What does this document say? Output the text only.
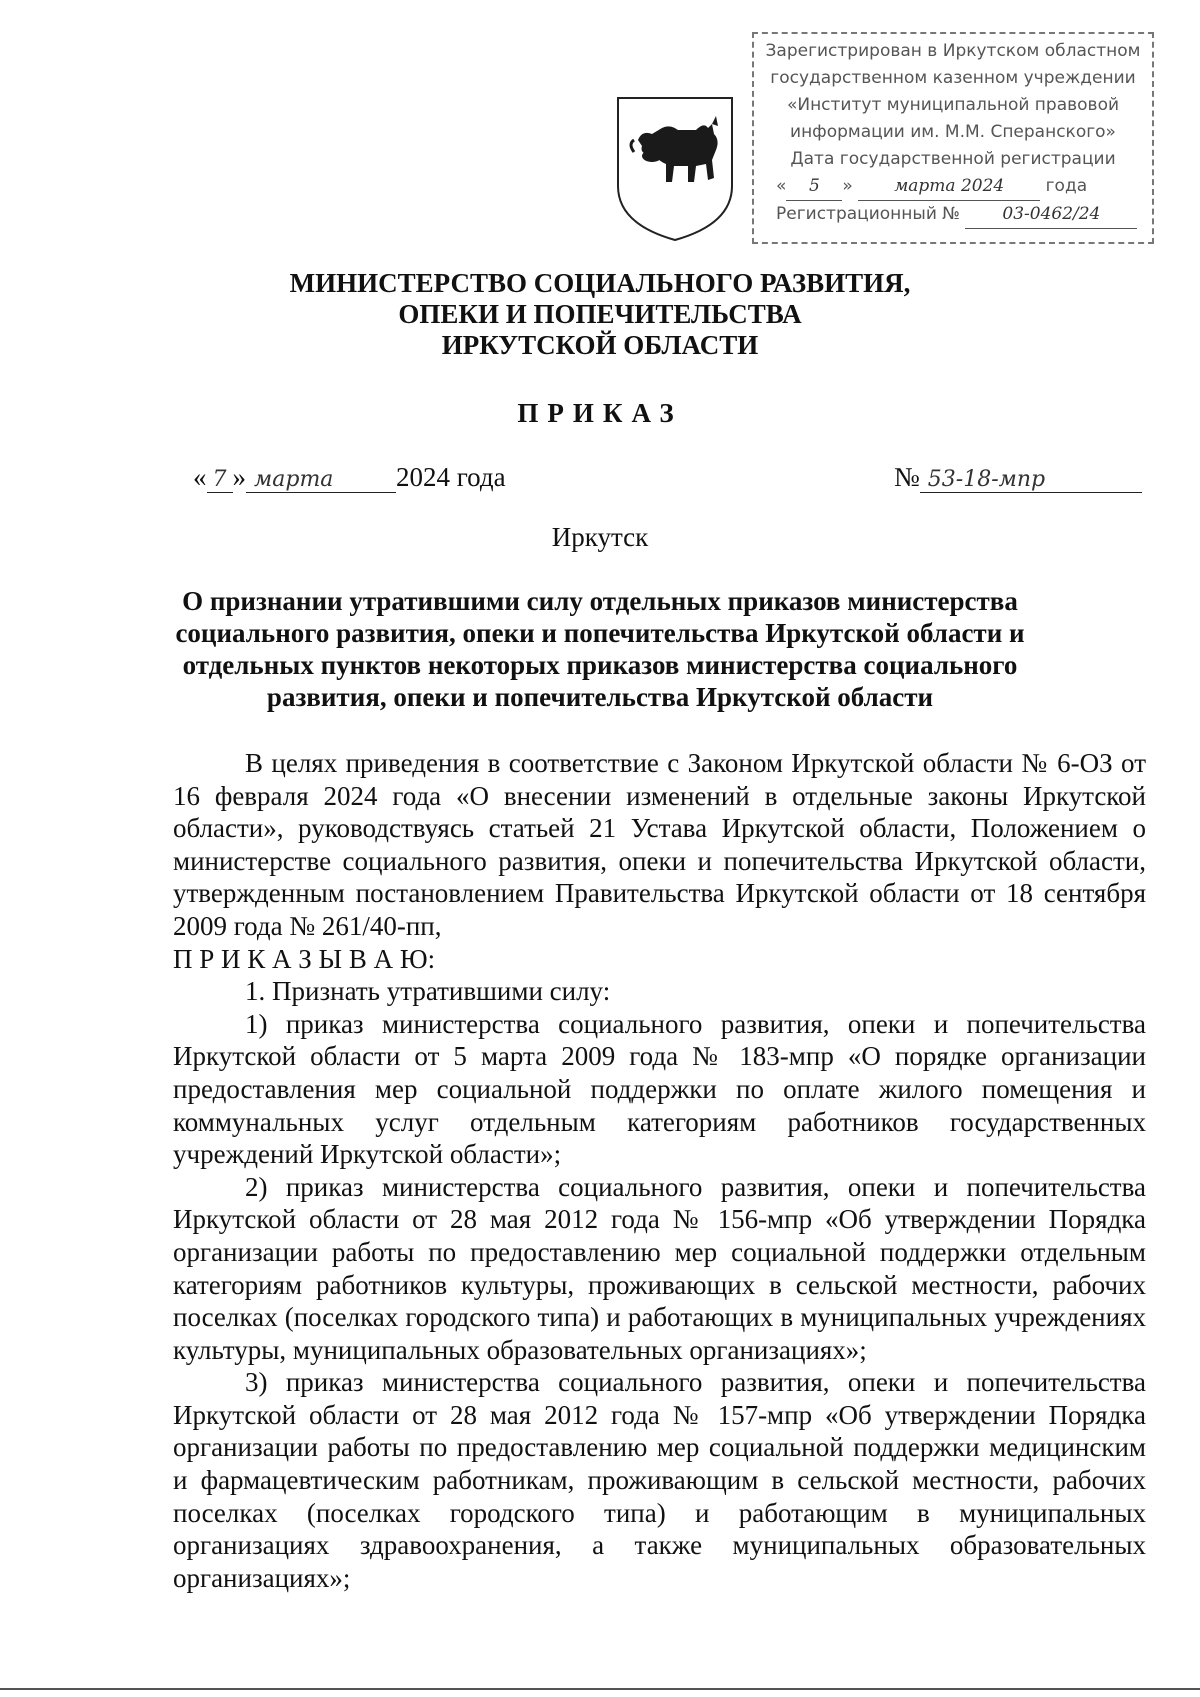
Зарегистрирован в Иркутском областном
государственном казенном учреждении
«Институт муниципальной правовой
информации им. М.М. Сперанского»
Дата государственной регистрации
« 5 » марта 2024 года
Регистрационный № 03-0462/24
МИНИСТЕРСТВО СОЦИАЛЬНОГО РАЗВИТИЯ,
ОПЕКИ И ПОПЕЧИТЕЛЬСТВА
ИРКУТСКОЙ ОБЛАСТИ
ПРИКАЗ
« 7 » марта 2024 года	№ 53-18-мпр
Иркутск
О признании утратившими силу отдельных приказов министерства
социального развития, опеки и попечительства Иркутской области и
отдельных пунктов некоторых приказов министерства социального
развития, опеки и попечительства Иркутской области

В целях приведения в соответствие с Законом Иркутской области № 6-ОЗ от 16 февраля 2024 года «О внесении изменений в отдельные законы Иркутской области», руководствуясь статьей 21 Устава Иркутской области, Положением о министерстве социального развития, опеки и попечительства Иркутской области, утвержденным постановлением Правительства Иркутской области от 18 сентября 2009 года № 261/40-пп,

П Р И К А З Ы В А Ю:

1. Признать утратившими силу:

1) приказ министерства социального развития, опеки и попечительства Иркутской области от 5 марта 2009 года № 183-мпр «О порядке организации предоставления мер социальной поддержки по оплате жилого помещения и коммунальных услуг отдельным категориям работников государственных учреждений Иркутской области»;

2) приказ министерства социального развития, опеки и попечительства Иркутской области от 28 мая 2012 года № 156-мпр «Об утверждении Порядка организации работы по предоставлению мер социальной поддержки отдельным категориям работников культуры, проживающих в сельской местности, рабочих поселках (поселках городского типа) и работающих в муниципальных учреждениях культуры, муниципальных образовательных организациях»;

3) приказ министерства социального развития, опеки и попечительства Иркутской области от 28 мая 2012 года № 157-мпр «Об утверждении Порядка организации работы по предоставлению мер социальной поддержки медицинским и фармацевтическим работникам, проживающим в сельской местности, рабочих поселках (поселках городского типа) и работающим в муниципальных организациях здравоохранения, а также муниципальных образовательных организациях»;
